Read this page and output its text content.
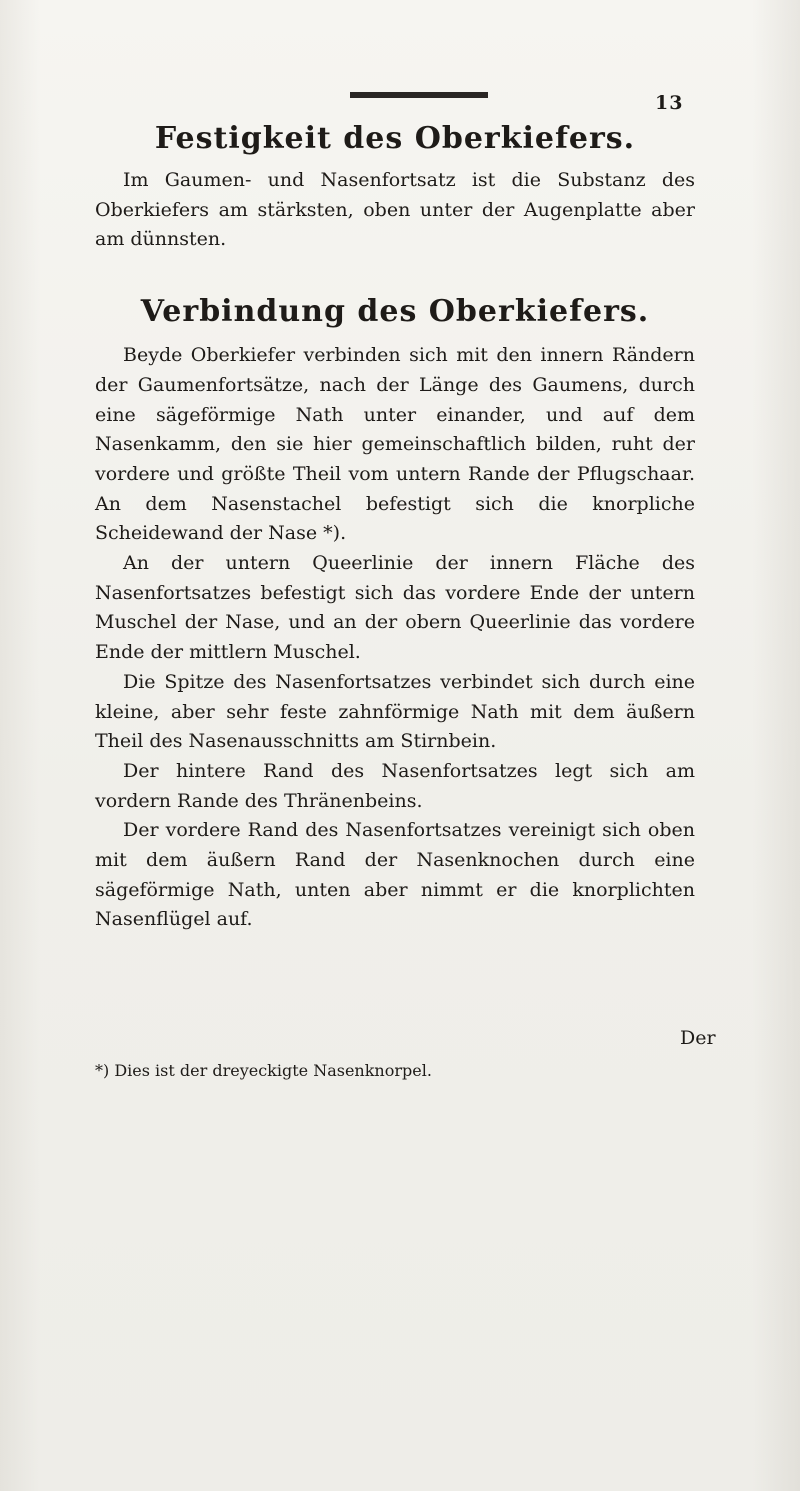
13
Festigkeit des Oberkiefers.

Im Gaumen- und Nasenfortsatz ist die Substanz des Oberkiefers am stärksten, oben unter der Augenplatte aber am dünnsten.

Verbindung des Oberkiefers.

Beyde Oberkiefer verbinden sich mit den innern Rändern der Gaumenfortsätze, nach der Länge des Gaumens, durch eine sägeförmige Nath unter einander, und auf dem Nasenkamm, den sie hier gemeinschaftlich bilden, ruht der vordere und größte Theil vom untern Rande der Pflugschaar. An dem Nasenstachel befestigt sich die knorpliche Scheidewand der Nase *).

An der untern Queerlinie der innern Fläche des Nasenfortsatzes befestigt sich das vordere Ende der untern Muschel der Nase, und an der obern Queerlinie das vordere Ende der mittlern Muschel.

Die Spitze des Nasenfortsatzes verbindet sich durch eine kleine, aber sehr feste zahnförmige Nath mit dem äußern Theil des Nasenausschnitts am Stirnbein.

Der hintere Rand des Nasenfortsatzes legt sich am vordern Rande des Thränenbeins.

Der vordere Rand des Nasenfortsatzes vereinigt sich oben mit dem äußern Rand der Nasenknochen durch eine sägeförmige Nath, unten aber nimmt er die knorplichten Nasenflügel auf.

Der
*) Dies ist der dreyeckigte Nasenknorpel.
